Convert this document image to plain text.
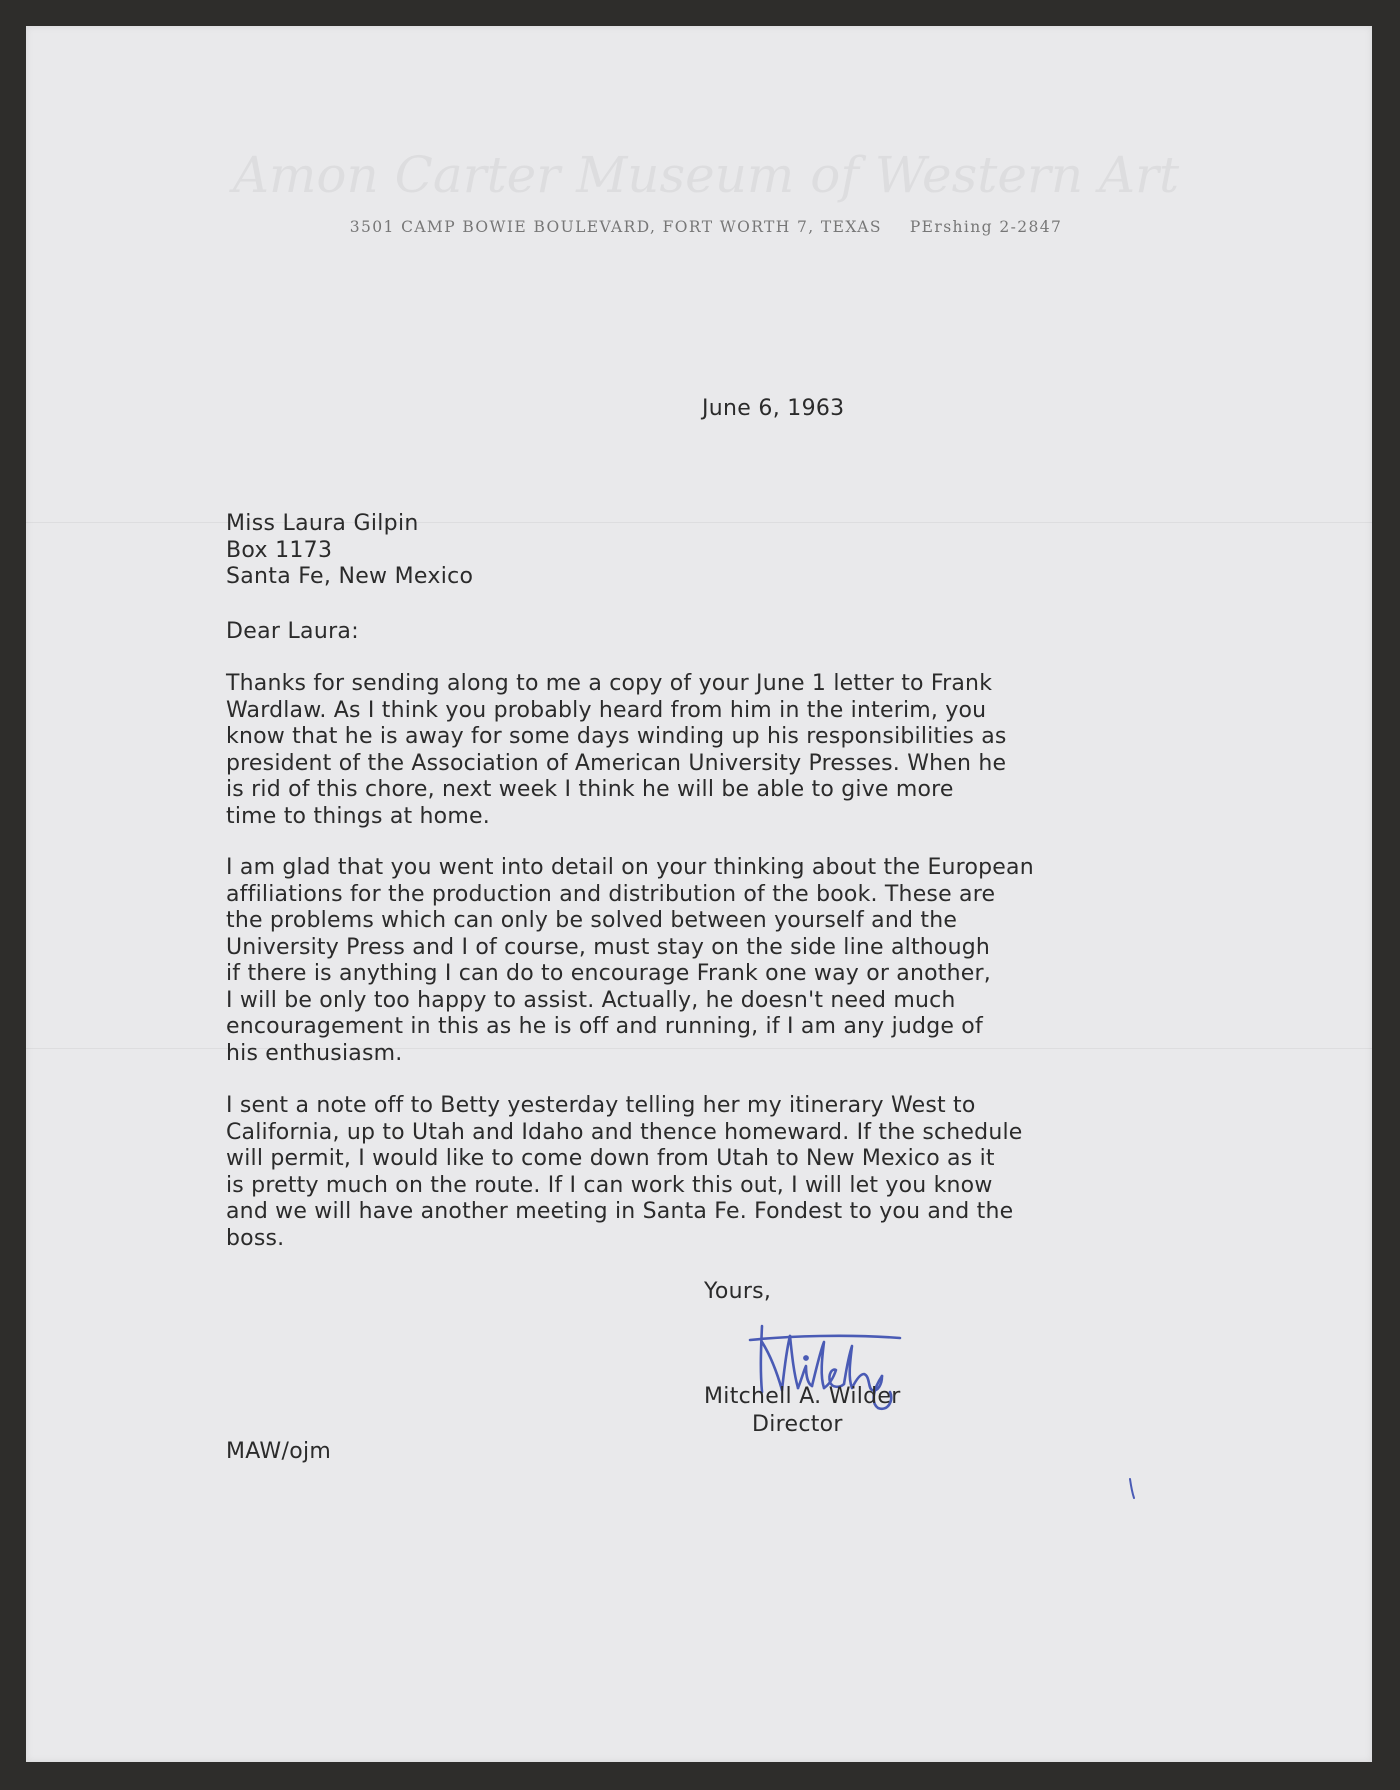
Amon Carter Museum of Western Art
3501 CAMP BOWIE BOULEVARD, FORT WORTH 7, TEXAS PErshing 2-2847
June 6, 1963
Miss Laura Gilpin
Box 1173
Santa Fe, New Mexico
Dear Laura:
Thanks for sending along to me a copy of your June 1 letter to Frank
Wardlaw. As I think you probably heard from him in the interim, you
know that he is away for some days winding up his responsibilities as
president of the Association of American University Presses. When he
is rid of this chore, next week I think he will be able to give more
time to things at home.
I am glad that you went into detail on your thinking about the European
affiliations for the production and distribution of the book. These are
the problems which can only be solved between yourself and the
University Press and I of course, must stay on the side line although
if there is anything I can do to encourage Frank one way or another,
I will be only too happy to assist. Actually, he doesn't need much
encouragement in this as he is off and running, if I am any judge of
his enthusiasm.
I sent a note off to Betty yesterday telling her my itinerary West to
California, up to Utah and Idaho and thence homeward. If the schedule
will permit, I would like to come down from Utah to New Mexico as it
is pretty much on the route. If I can work this out, I will let you know
and we will have another meeting in Santa Fe. Fondest to you and the
boss.
Yours,
Mitchell A. Wilder
Director
MAW/ojm
